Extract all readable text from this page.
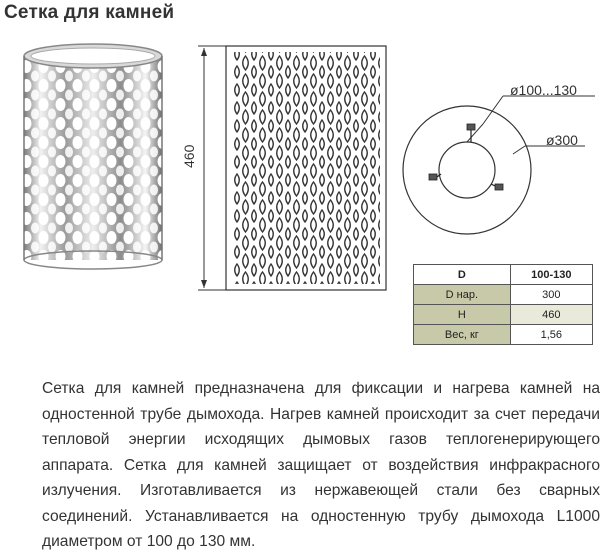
Сетка для камней
460
ø100...130
ø300
D	100-130
D нар.	300
H	460
Вес, кг	1,56

Сетка для камней предназначена для фиксации и нагрева камней на одностенной трубе дымохода. Нагрев камней происходит за счет передачи тепловой энергии исходящих дымовых газов теплогенерирующего аппарата. Сетка для камней защищает от воздействия инфракрасного излучения. Изготавливается из нержавеющей стали без сварных соединений. Устанавливается на одностенную трубу дымохода L1000 диаметром от 100 до 130 мм.
